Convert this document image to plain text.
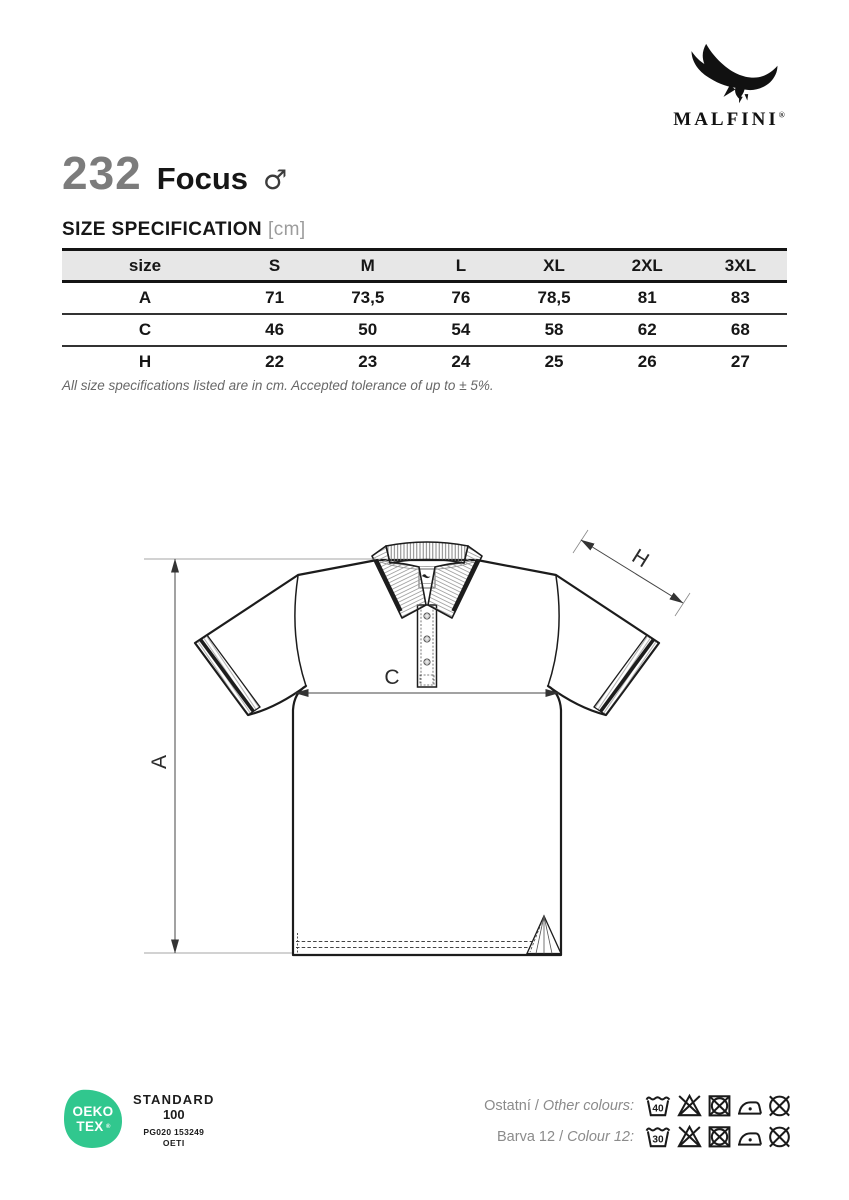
MALFINI®
232 Focus ♂
SIZE SPECIFICATION [cm]
size	S	M	L	XL	2XL	3XL
A	71	73,5	76	78,5	81	83
C	46	50	54	58	62	68
H	22	23	24	25	26	27
All size specifications listed are in cm. Accepted tolerance of up to ± 5%.
A
C
H
OEKO
TEX ®
STANDARD
100
PG020 153249
OETI
Ostatní / Other colours: 40
Barva 12 / Colour 12: 30
